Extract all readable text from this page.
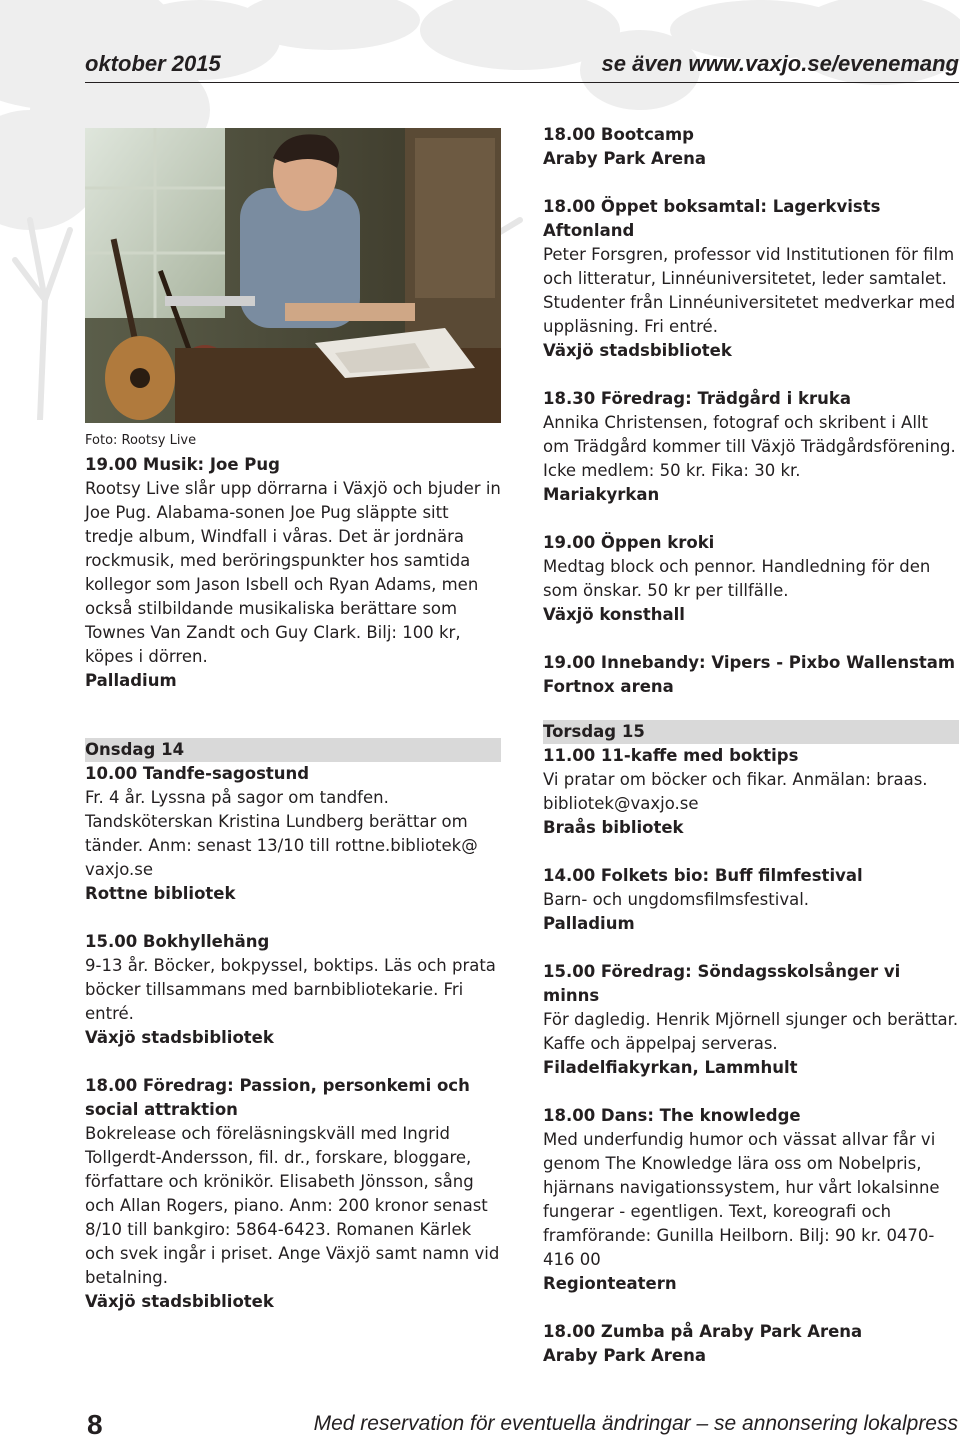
oktober 2015	se även www.vaxjo.se/evenemang
Foto: Rootsy Live
19.00 Musik: Joe Pug
Rootsy Live slår upp dörrarna i Växjö och bjuder in Joe Pug. Alabama-sonen Joe Pug släppte sitt tredje album, Windfall i våras. Det är jordnära rockmusik, med beröringspunkter hos samtida kollegor som Jason Isbell och Ryan Adams, men också stilbildande musikaliska berättare som Townes Van Zandt och Guy Clark. Bilj: 100 kr, köpes i dörren.
Palladium
Onsdag 14
10.00 Tandfe-sagostund
Fr. 4 år. Lyssna på sagor om tandfen. Tandsköterskan Kristina Lundberg berättar om tänder. Anm: senast 13/10 till rottne.bibliotek@ vaxjo.se
Rottne bibliotek
15.00 Bokhyllehäng
9-13 år. Böcker, bokpyssel, boktips. Läs och prata böcker tillsammans med barnbibliotekarie. Fri entré.
Växjö stadsbibliotek
18.00 Föredrag: Passion, personkemi och social attraktion
Bokrelease och föreläsningskväll med Ingrid Tollgerdt-Andersson, fil. dr., forskare, bloggare, författare och krönikör. Elisabeth Jönsson, sång och Allan Rogers, piano. Anm: 200 kronor senast 8/10 till bankgiro: 5864-6423. Romanen Kärlek och svek ingår i priset. Ange Växjö samt namn vid betalning.
Växjö stadsbibliotek
18.00 Bootcamp
Araby Park Arena
18.00 Öppet boksamtal: Lagerkvists Aftonland
Peter Forsgren, professor vid Institutionen för film och litteratur, Linnéuniversitetet, leder samtalet. Studenter från Linnéuniversitetet medverkar med uppläsning. Fri entré.
Växjö stadsbibliotek
18.30 Föredrag: Trädgård i kruka
Annika Christensen, fotograf och skribent i Allt om Trädgård kommer till Växjö Trädgårdsförening. Icke medlem: 50 kr. Fika: 30 kr.
Mariakyrkan
19.00 Öppen kroki
Medtag block och pennor. Handledning för den som önskar. 50 kr per tillfälle.
Växjö konsthall
19.00 Innebandy: Vipers - Pixbo Wallenstam
Fortnox arena
Torsdag 15
11.00 11-kaffe med boktips
Vi pratar om böcker och fikar. Anmälan: braas. bibliotek@vaxjo.se
Braås bibliotek
14.00 Folkets bio: Buff filmfestival
Barn- och ungdomsfilmsfestival.
Palladium
15.00 Föredrag: Söndagsskolsånger vi minns
För dagledig. Henrik Mjörnell sjunger och berättar. Kaffe och äppelpaj serveras.
Filadelfiakyrkan, Lammhult
18.00 Dans: The knowledge
Med underfundig humor och vässat allvar får vi genom The Knowledge lära oss om Nobelpris, hjärnans navigationssystem, hur vårt lokalsinne fungerar - egentligen. Text, koreografi och framförande: Gunilla Heilborn. Bilj: 90 kr. 0470-416 00
Regionteatern
18.00 Zumba på Araby Park Arena
Araby Park Arena
8	Med reservation för eventuella ändringar – se annonsering lokalpress
